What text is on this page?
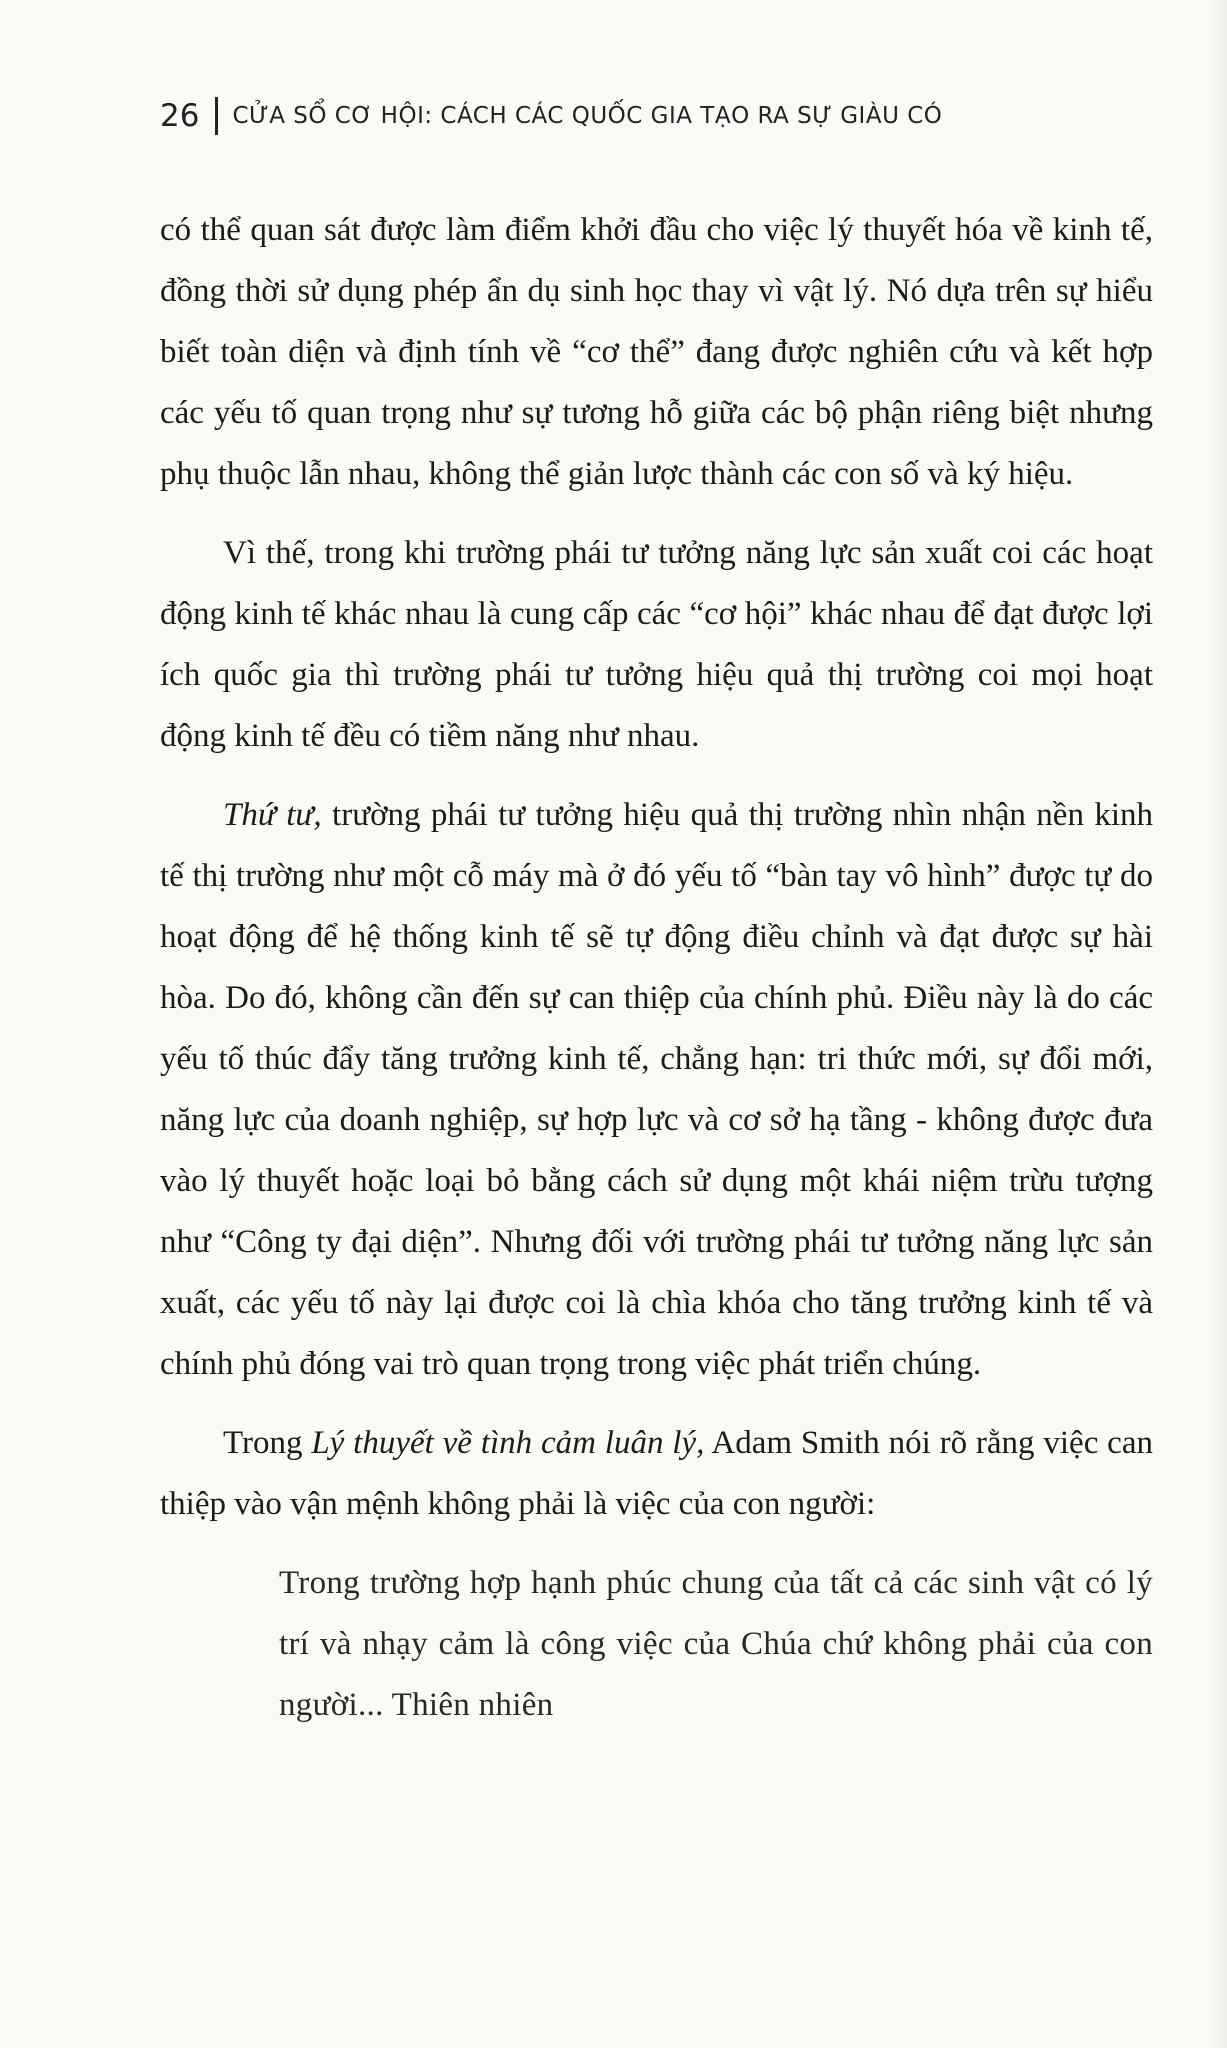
26 CỬA SỔ CƠ HỘI: CÁCH CÁC QUỐC GIA TẠO RA SỰ GIÀU CÓ

có thể quan sát được làm điểm khởi đầu cho việc lý thuyết hóa về kinh tế, đồng thời sử dụng phép ẩn dụ sinh học thay vì vật lý. Nó dựa trên sự hiểu biết toàn diện và định tính về “cơ thể” đang được nghiên cứu và kết hợp các yếu tố quan trọng như sự tương hỗ giữa các bộ phận riêng biệt nhưng phụ thuộc lẫn nhau, không thể giản lược thành các con số và ký hiệu.

Vì thế, trong khi trường phái tư tưởng năng lực sản xuất coi các hoạt động kinh tế khác nhau là cung cấp các “cơ hội” khác nhau để đạt được lợi ích quốc gia thì trường phái tư tưởng hiệu quả thị trường coi mọi hoạt động kinh tế đều có tiềm năng như nhau.

Thứ tư, trường phái tư tưởng hiệu quả thị trường nhìn nhận nền kinh tế thị trường như một cỗ máy mà ở đó yếu tố “bàn tay vô hình” được tự do hoạt động để hệ thống kinh tế sẽ tự động điều chỉnh và đạt được sự hài hòa. Do đó, không cần đến sự can thiệp của chính phủ. Điều này là do các yếu tố thúc đẩy tăng trưởng kinh tế, chẳng hạn: tri thức mới, sự đổi mới, năng lực của doanh nghiệp, sự hợp lực và cơ sở hạ tầng - không được đưa vào lý thuyết hoặc loại bỏ bằng cách sử dụng một khái niệm trừu tượng như “Công ty đại diện”. Nhưng đối với trường phái tư tưởng năng lực sản xuất, các yếu tố này lại được coi là chìa khóa cho tăng trưởng kinh tế và chính phủ đóng vai trò quan trọng trong việc phát triển chúng.

Trong Lý thuyết về tình cảm luân lý, Adam Smith nói rõ rằng việc can thiệp vào vận mệnh không phải là việc của con người:

Trong trường hợp hạnh phúc chung của tất cả các sinh vật có lý trí và nhạy cảm là công việc của Chúa chứ không phải của con người... Thiên nhiên
